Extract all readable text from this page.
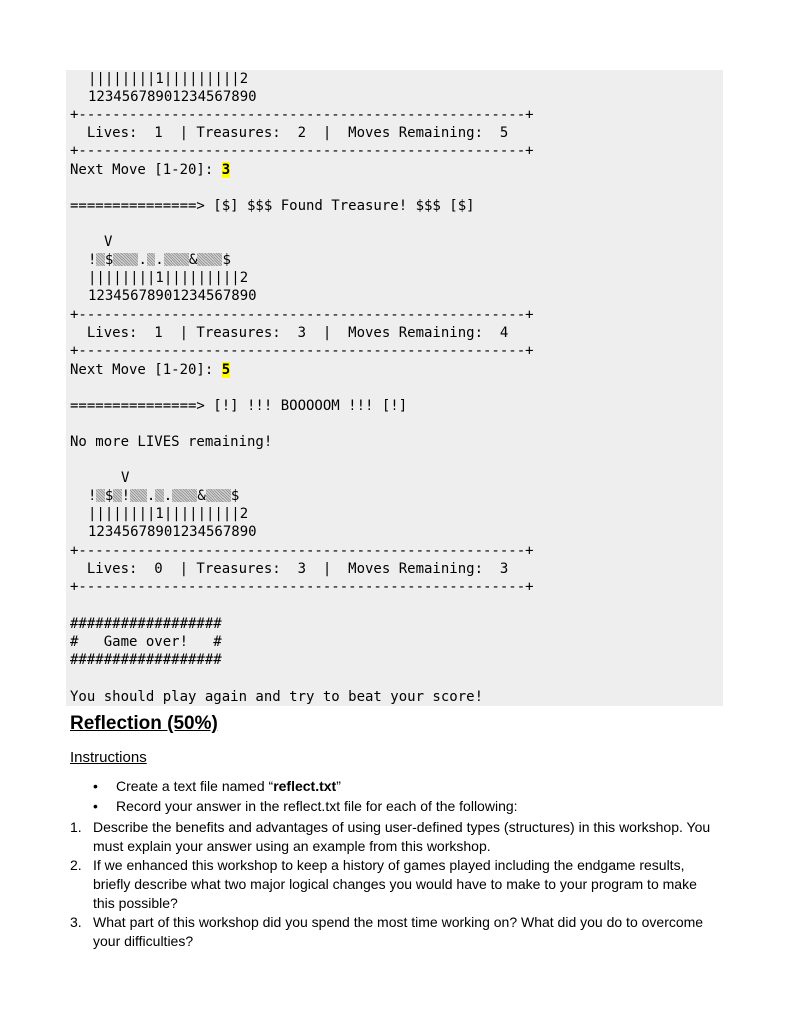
||||||||1|||||||||2
12345678901234567890
+-----------------------------------------------------+
Lives:  1  | Treasures:  2  |  Moves Remaining:  5
+-----------------------------------------------------+
Next Move [1-20]: 3
===============> [$] $$$ Found Treasure! $$$ [$]
V
! $ . . & $
||||||||1|||||||||2
12345678901234567890
+-----------------------------------------------------+
Lives:  1  | Treasures:  3  |  Moves Remaining:  4
+-----------------------------------------------------+
Next Move [1-20]: 5
===============> [!] !!! BOOOOOM !!! [!]
No more LIVES remaining!
V
! $ ! . . & $
||||||||1|||||||||2
12345678901234567890
+-----------------------------------------------------+
Lives:  0  | Treasures:  3  |  Moves Remaining:  3
+-----------------------------------------------------+
##################
#   Game over!   #
##################
You should play again and try to beat your score!
Reflection (50%)
Instructions
• Create a text file named “reflect.txt”
• Record your answer in the reflect.txt file for each of the following:
1. Describe the benefits and advantages of using user-defined types (structures) in this workshop. You must explain your answer using an example from this workshop.
2. If we enhanced this workshop to keep a history of games played including the endgame results, briefly describe what two major logical changes you would have to make to your program to make this possible?
3. What part of this workshop did you spend the most time working on? What did you do to overcome your difficulties?
